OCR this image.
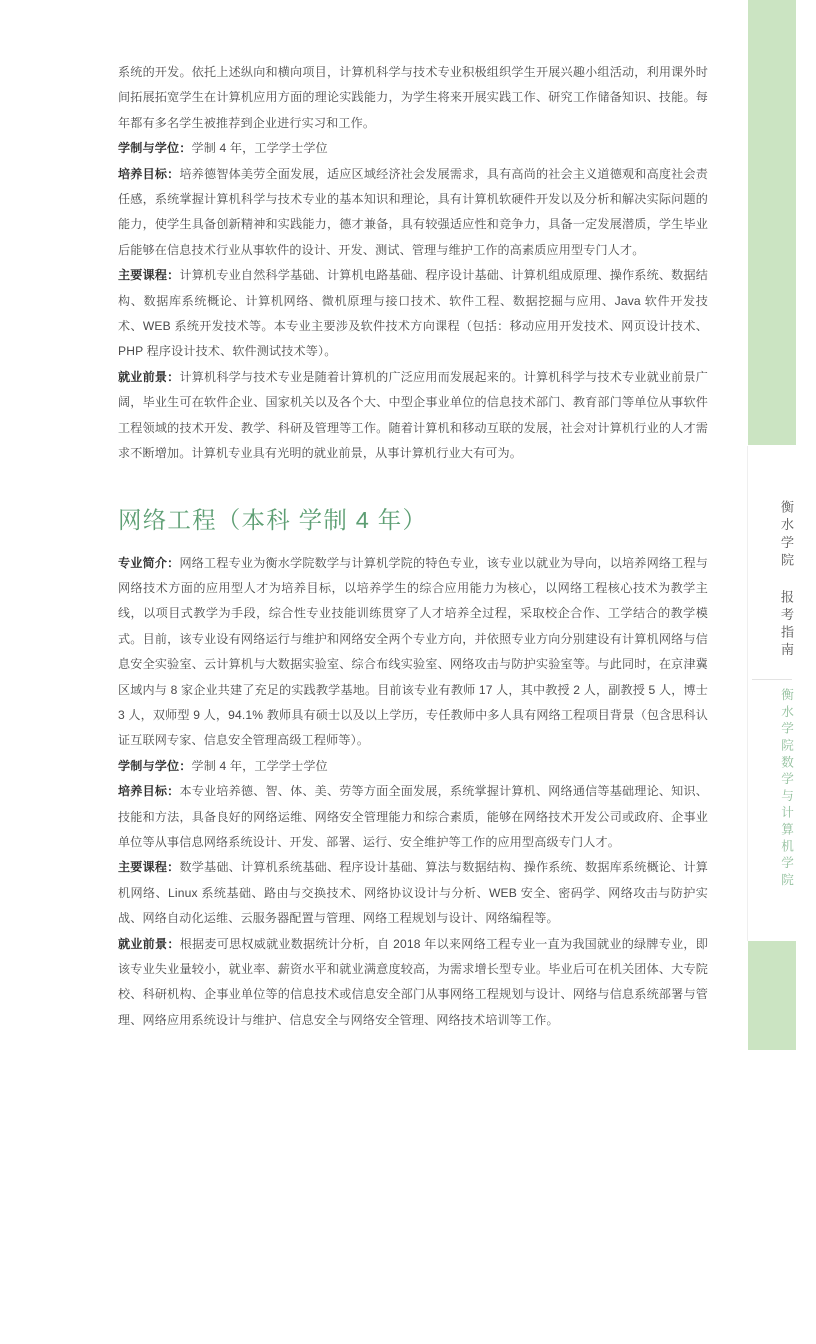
系统的开发。依托上述纵向和横向项目，计算机科学与技术专业积极组织学生开展兴趣小组活动，利用课外时间拓展拓宽学生在计算机应用方面的理论实践能力，为学生将来开展实践工作、研究工作储备知识、技能。每年都有多名学生被推荐到企业进行实习和工作。

学制与学位：学制 4 年，工学学士学位

培养目标：培养德智体美劳全面发展，适应区域经济社会发展需求，具有高尚的社会主义道德观和高度社会责任感，系统掌握计算机科学与技术专业的基本知识和理论，具有计算机软硬件开发以及分析和解决实际问题的能力，使学生具备创新精神和实践能力，德才兼备，具有较强适应性和竞争力，具备一定发展潜质，学生毕业后能够在信息技术行业从事软件的设计、开发、测试、管理与维护工作的高素质应用型专门人才。

主要课程：计算机专业自然科学基础、计算机电路基础、程序设计基础、计算机组成原理、操作系统、数据结构、数据库系统概论、计算机网络、微机原理与接口技术、软件工程、数据挖掘与应用、Java 软件开发技术、WEB 系统开发技术等。本专业主要涉及软件技术方向课程（包括：移动应用开发技术、网页设计技术、PHP 程序设计技术、软件测试技术等）。

就业前景：计算机科学与技术专业是随着计算机的广泛应用而发展起来的。计算机科学与技术专业就业前景广阔，毕业生可在软件企业、国家机关以及各个大、中型企事业单位的信息技术部门、教育部门等单位从事软件工程领域的技术开发、教学、科研及管理等工作。随着计算机和移动互联的发展，社会对计算机行业的人才需求不断增加。计算机专业具有光明的就业前景，从事计算机行业大有可为。

网络工程（本科 学制 4 年）

专业简介：网络工程专业为衡水学院数学与计算机学院的特色专业，该专业以就业为导向，以培养网络工程与网络技术方面的应用型人才为培养目标，以培养学生的综合应用能力为核心，以网络工程核心技术为教学主线，以项目式教学为手段，综合性专业技能训练贯穿了人才培养全过程，采取校企合作、工学结合的教学模式。目前，该专业设有网络运行与维护和网络安全两个专业方向，并依照专业方向分别建设有计算机网络与信息安全实验室、云计算机与大数据实验室、综合布线实验室、网络攻击与防护实验室等。与此同时，在京津冀区域内与 8 家企业共建了充足的实践教学基地。目前该专业有教师 17 人，其中教授 2 人，副教授 5 人，博士 3 人，双师型 9 人，94.1% 教师具有硕士以及以上学历，专任教师中多人具有网络工程项目背景（包含思科认证互联网专家、信息安全管理高级工程师等）。

学制与学位：学制 4 年，工学学士学位

培养目标：本专业培养德、智、体、美、劳等方面全面发展，系统掌握计算机、网络通信等基础理论、知识、技能和方法，具备良好的网络运维、网络安全管理能力和综合素质，能够在网络技术开发公司或政府、企事业单位等从事信息网络系统设计、开发、部署、运行、安全维护等工作的应用型高级专门人才。

主要课程：数学基础、计算机系统基础、程序设计基础、算法与数据结构、操作系统、数据库系统概论、计算机网络、Linux 系统基础、路由与交换技术、网络协议设计与分析、WEB 安全、密码学、网络攻击与防护实战、网络自动化运维、云服务器配置与管理、网络工程规划与设计、网络编程等。

就业前景：根据麦可思权威就业数据统计分析，自 2018 年以来网络工程专业一直为我国就业的绿牌专业，即该专业失业量较小，就业率、薪资水平和就业满意度较高，为需求增长型专业。毕业后可在机关团体、大专院校、科研机构、企事业单位等的信息技术或信息安全部门从事网络工程规划与设计、网络与信息系统部署与管理、网络应用系统设计与维护、信息安全与网络安全管理、网络技术培训等工作。

衡水学院 报考指南
衡水学院数学与计算机学院
